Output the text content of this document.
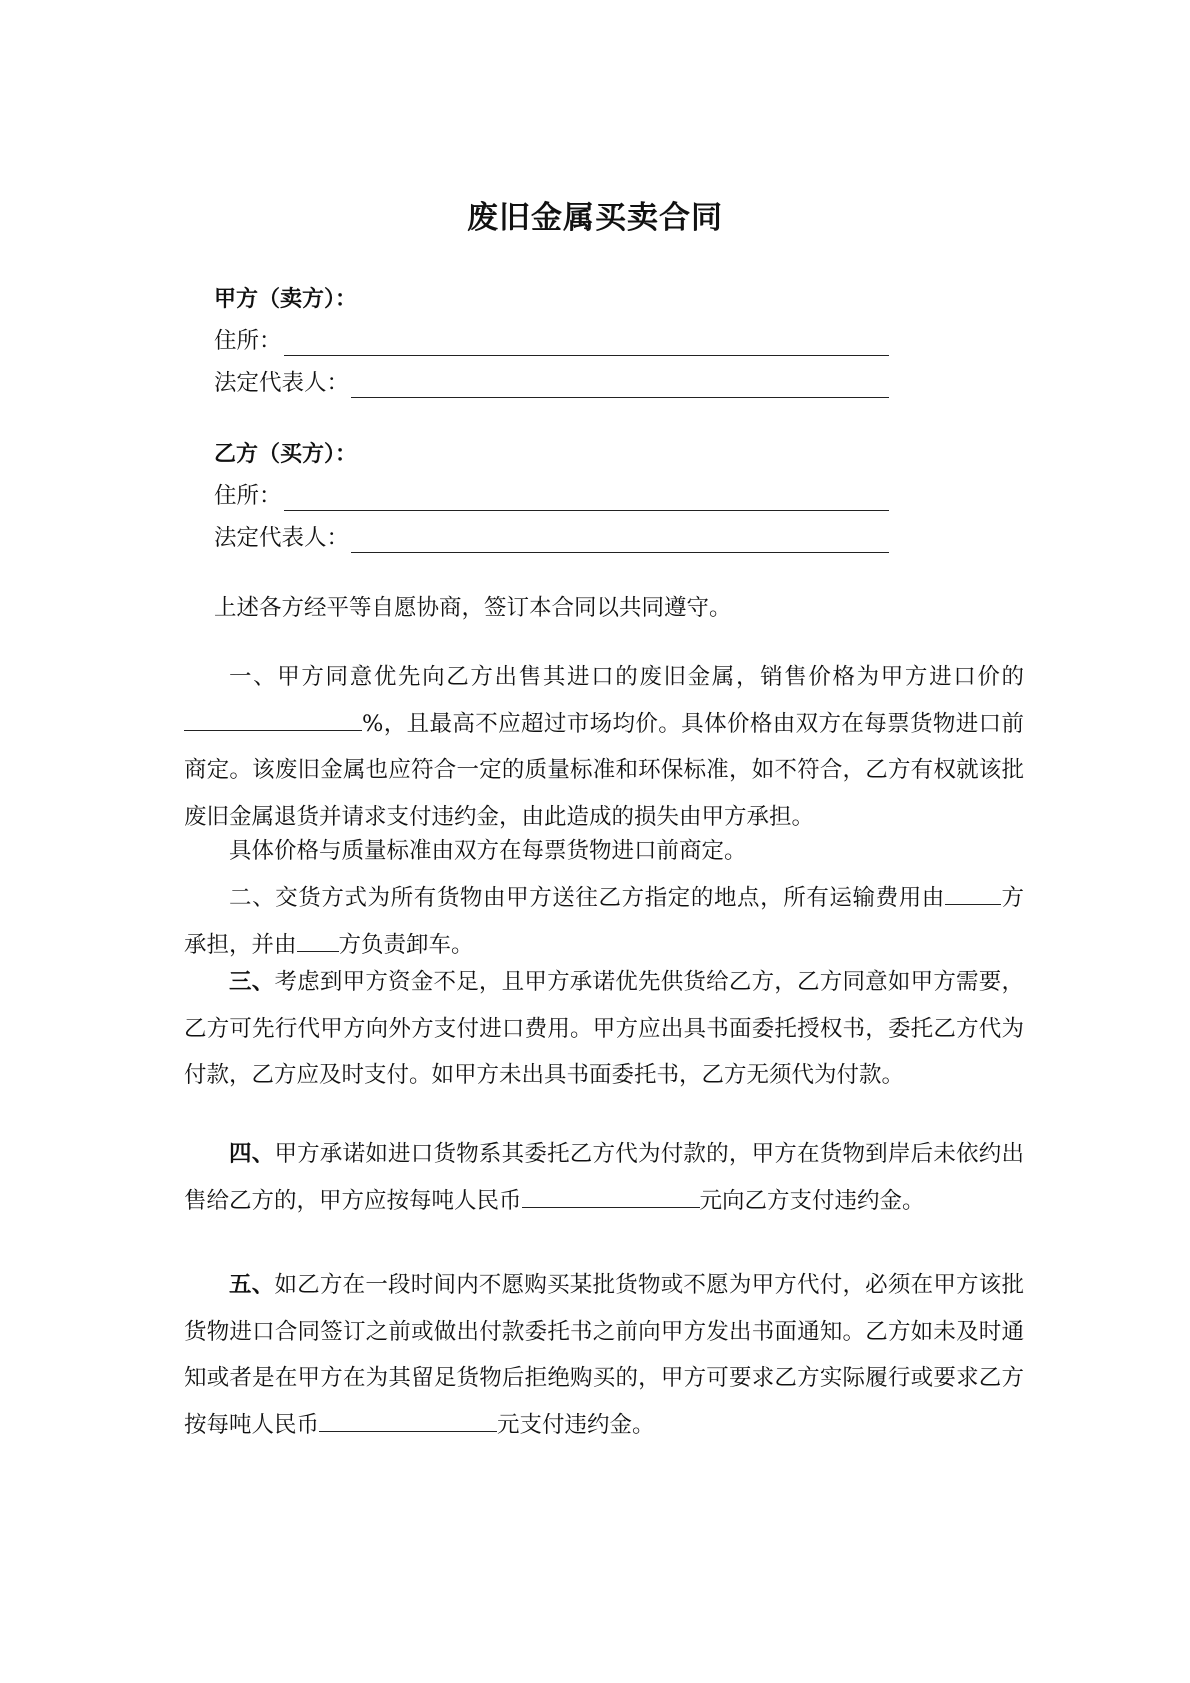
废旧金属买卖合同
甲方（卖方）：
住所：
法定代表人：
乙方（买方）：
住所：
法定代表人：
上述各方经平等自愿协商，签订本合同以共同遵守。
一、甲方同意优先向乙方出售其进口的废旧金属，销售价格为甲方进口价的%，且最高不应超过市场均价。具体价格由双方在每票货物进口前商定。该废旧金属也应符合一定的质量标准和环保标准，如不符合，乙方有权就该批废旧金属退货并请求支付违约金，由此造成的损失由甲方承担。
具体价格与质量标准由双方在每票货物进口前商定。
二、交货方式为所有货物由甲方送往乙方指定的地点，所有运输费用由 方承担，并由 方负责卸车。
三、考虑到甲方资金不足，且甲方承诺优先供货给乙方，乙方同意如甲方需要，乙方可先行代甲方向外方支付进口费用。甲方应出具书面委托授权书，委托乙方代为付款，乙方应及时支付。如甲方未出具书面委托书，乙方无须代为付款。
四、甲方承诺如进口货物系其委托乙方代为付款的，甲方在货物到岸后未依约出售给乙方的，甲方应按每吨人民币	元向乙方支付违约金。
五、如乙方在一段时间内不愿购买某批货物或不愿为甲方代付，必须在甲方该批货物进口合同签订之前或做出付款委托书之前向甲方发出书面通知。乙方如未及时通知或者是在甲方在为其留足货物后拒绝购买的，甲方可要求乙方实际履行或要求乙方按每吨人民币	元支付违约金。
